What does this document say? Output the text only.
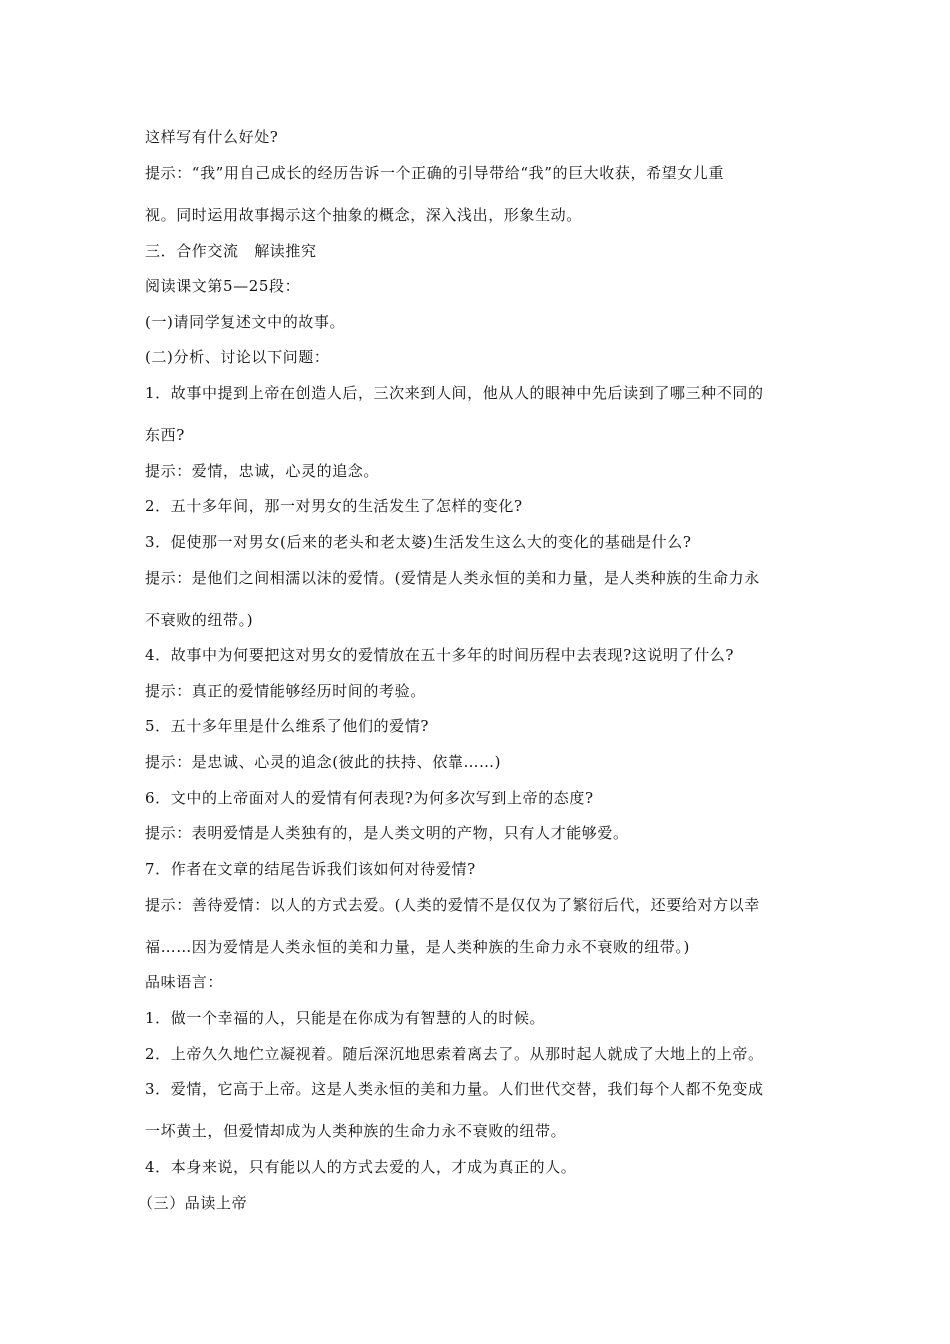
这样写有什么好处?
提示：“我”用自己成长的经历告诉一个正确的引导带给“我”的巨大收获，希望女儿重
视。同时运用故事揭示这个抽象的概念，深入浅出，形象生动。
三．合作交流　解读推究
阅读课文第5—25段：
(一)请同学复述文中的故事。
(二)分析、讨论以下问题：
1．故事中提到上帝在创造人后，三次来到人间，他从人的眼神中先后读到了哪三种不同的
东西?
提示：爱情，忠诚，心灵的追念。
2．五十多年间，那一对男女的生活发生了怎样的变化?
3．促使那一对男女(后来的老头和老太婆)生活发生这么大的变化的基础是什么?
提示：是他们之间相濡以沫的爱情。(爱情是人类永恒的美和力量，是人类种族的生命力永
不衰败的纽带。)
4．故事中为何要把这对男女的爱情放在五十多年的时间历程中去表现?这说明了什么?
提示：真正的爱情能够经历时间的考验。
5．五十多年里是什么维系了他们的爱情?
提示：是忠诚、心灵的追念(彼此的扶持、依靠……)
6．文中的上帝面对人的爱情有何表现?为何多次写到上帝的态度?
提示：表明爱情是人类独有的，是人类文明的产物，只有人才能够爱。
7．作者在文章的结尾告诉我们该如何对待爱情?
提示：善待爱情：以人的方式去爱。(人类的爱情不是仅仅为了繁衍后代，还要给对方以幸
福……因为爱情是人类永恒的美和力量，是人类种族的生命力永不衰败的纽带。)
品味语言：
1．做一个幸福的人，只能是在你成为有智慧的人的时候。
2．上帝久久地伫立凝视着。随后深沉地思索着离去了。从那时起人就成了大地上的上帝。
3．爱情，它高于上帝。这是人类永恒的美和力量。人们世代交替，我们每个人都不免变成
一坏黄土，但爱情却成为人类种族的生命力永不衰败的纽带。
4．本身来说，只有能以人的方式去爱的人，才成为真正的人。
（三）品读上帝
